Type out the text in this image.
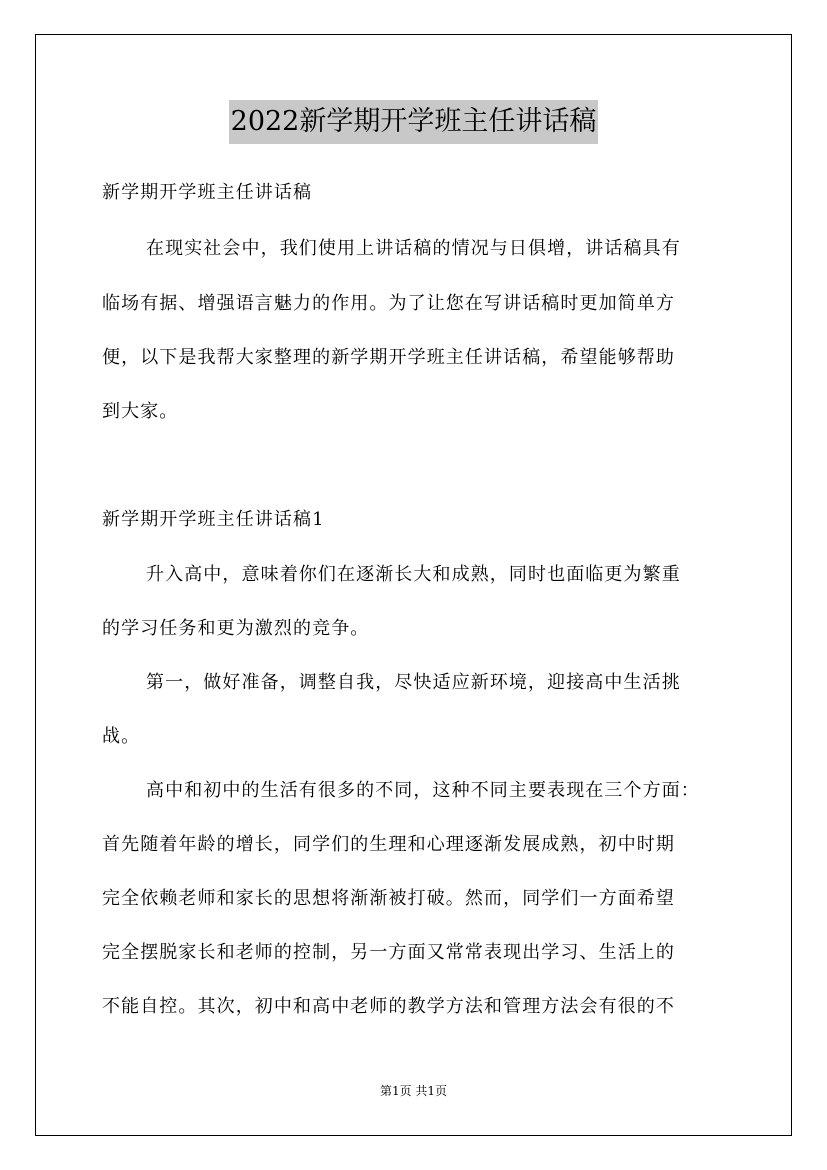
2022新学期开学班主任讲话稿
新学期开学班主任讲话稿
在现实社会中，我们使用上讲话稿的情况与日俱增，讲话稿具有
临场有据、增强语言魅力的作用。为了让您在写讲话稿时更加简单方
便，以下是我帮大家整理的新学期开学班主任讲话稿，希望能够帮助
到大家。
新学期开学班主任讲话稿1
升入高中，意味着你们在逐渐长大和成熟，同时也面临更为繁重
的学习任务和更为激烈的竞争。
第一，做好准备，调整自我，尽快适应新环境，迎接高中生活挑
战。
高中和初中的生活有很多的不同，这种不同主要表现在三个方面：
首先随着年龄的增长，同学们的生理和心理逐渐发展成熟，初中时期
完全依赖老师和家长的思想将渐渐被打破。然而，同学们一方面希望
完全摆脱家长和老师的控制，另一方面又常常表现出学习、生活上的
不能自控。其次，初中和高中老师的教学方法和管理方法会有很的不
第1页 共1页
